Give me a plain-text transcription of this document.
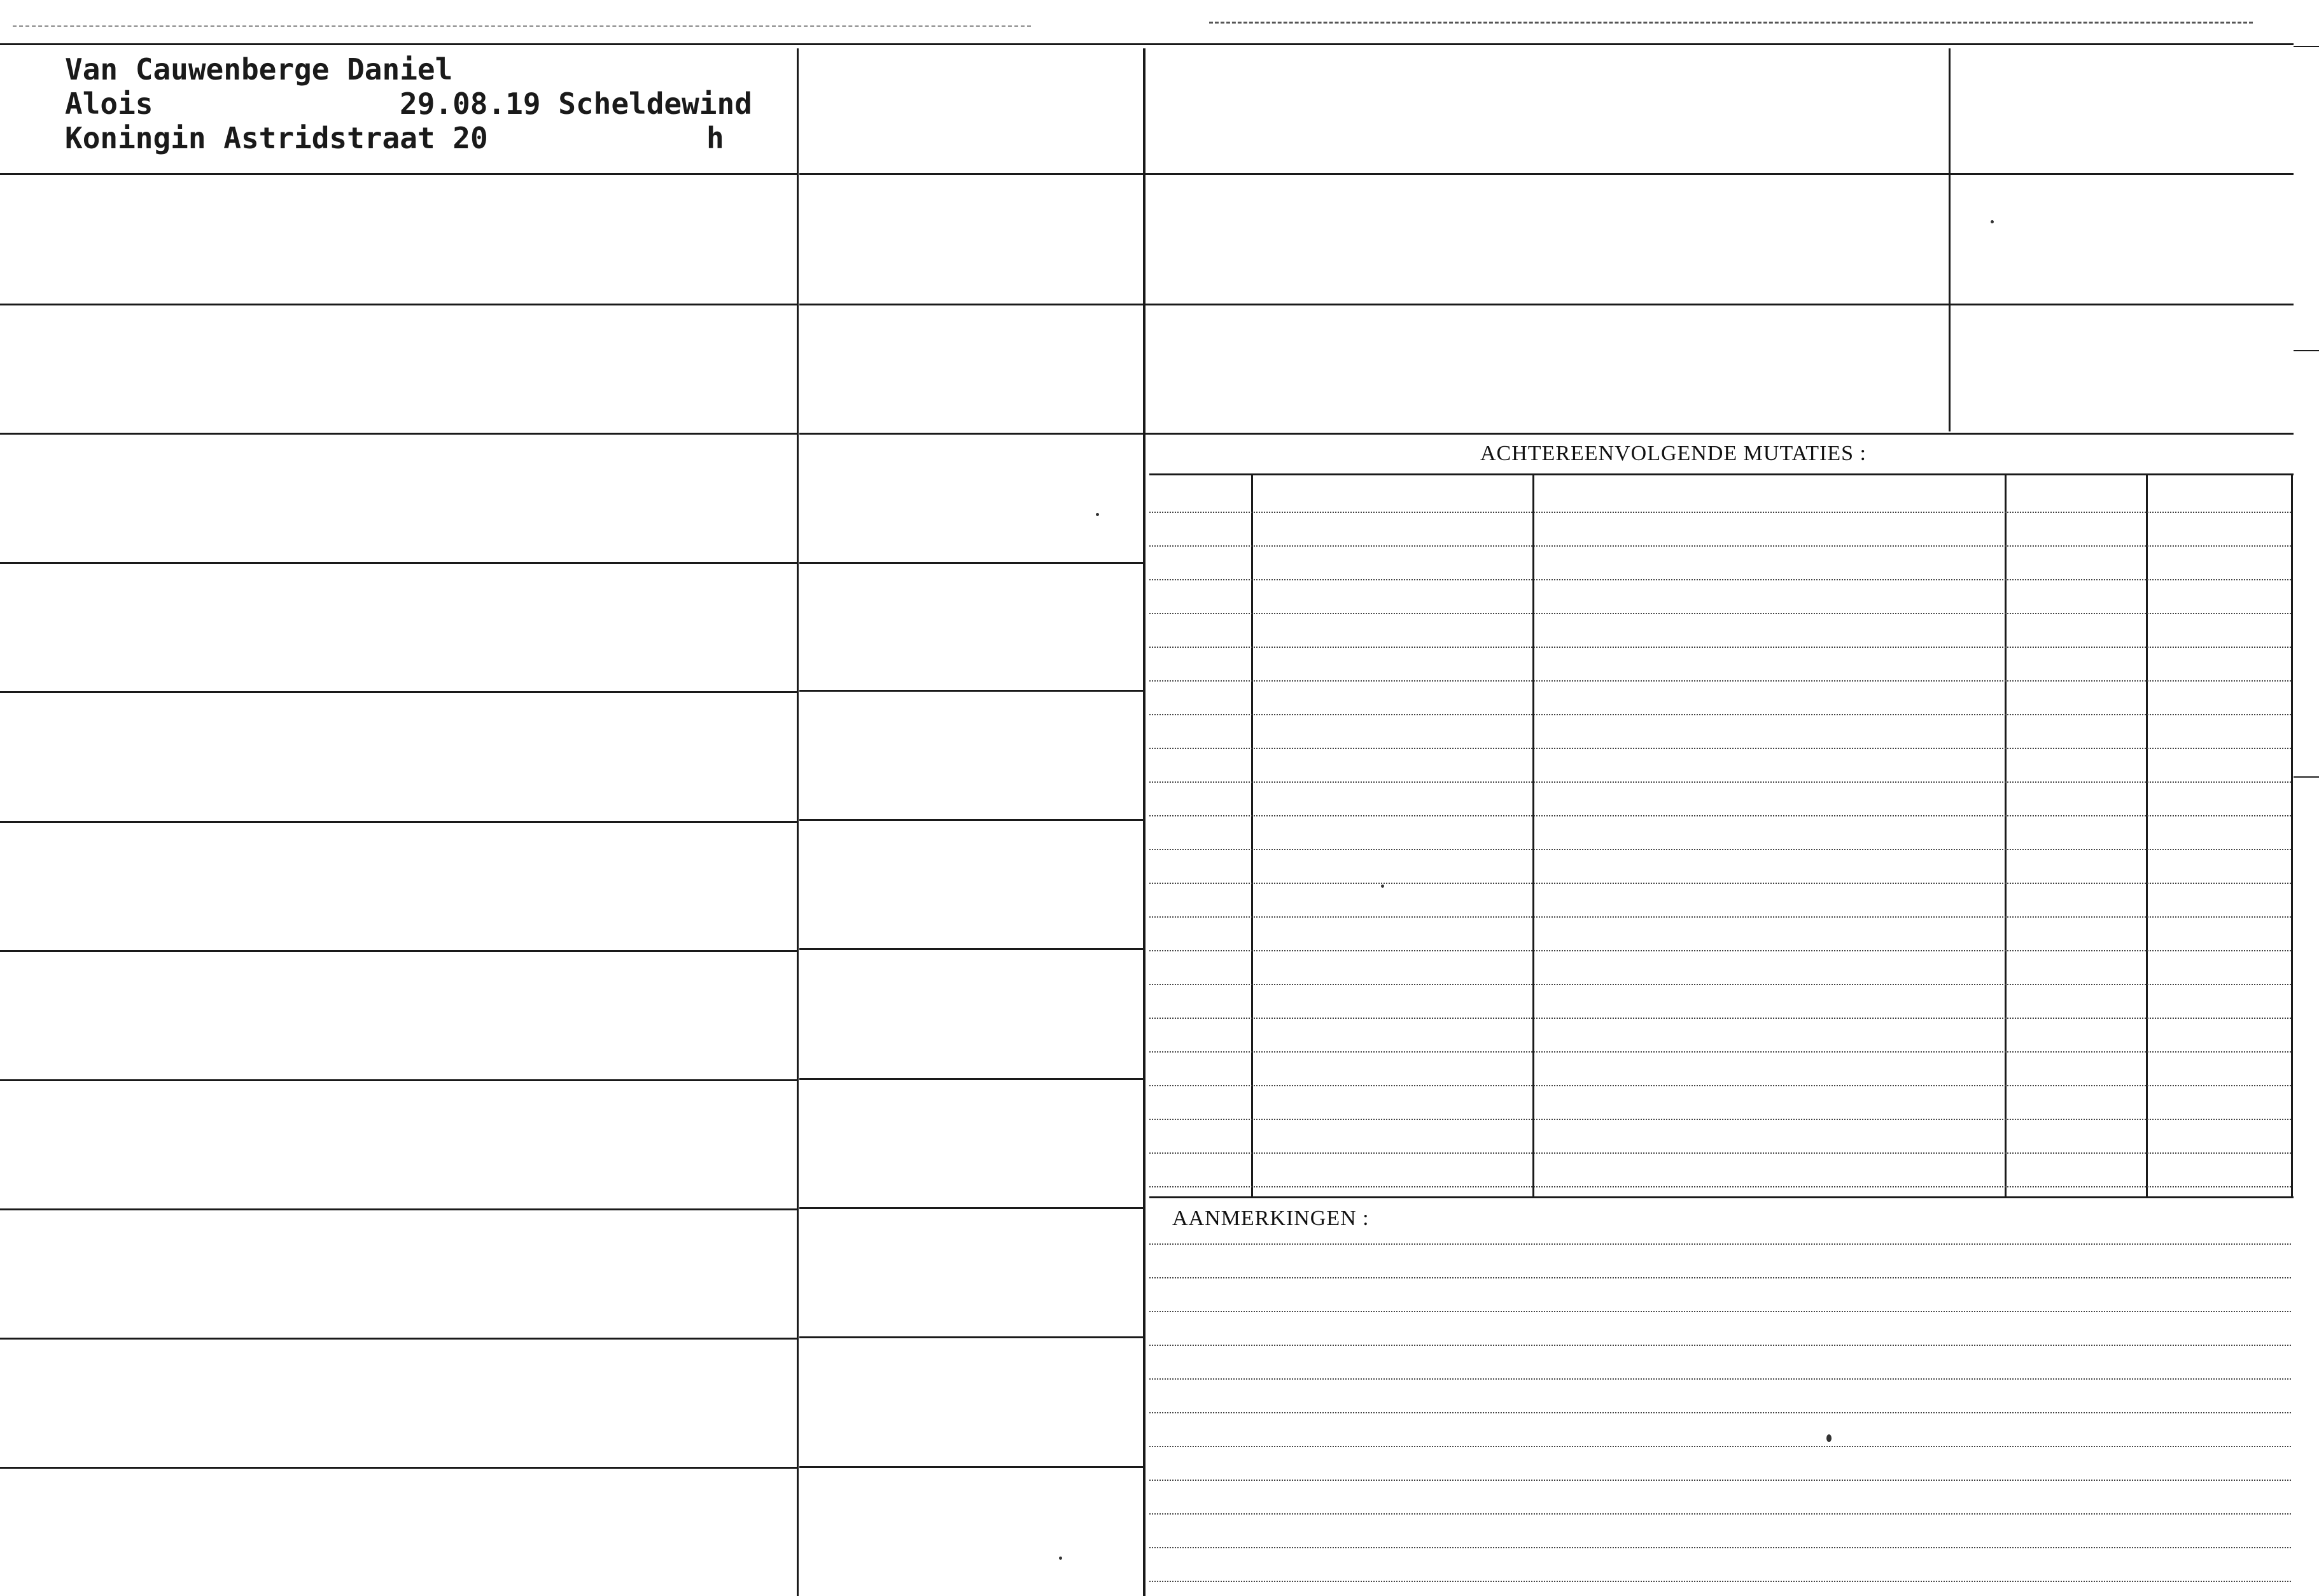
Van Cauwenberge Daniel
Alois	29.08.19 Scheldewind
Koningin Astridstraat 20	h
ACHTEREENVOLGENDE MUTATIES :
AANMERKINGEN :
